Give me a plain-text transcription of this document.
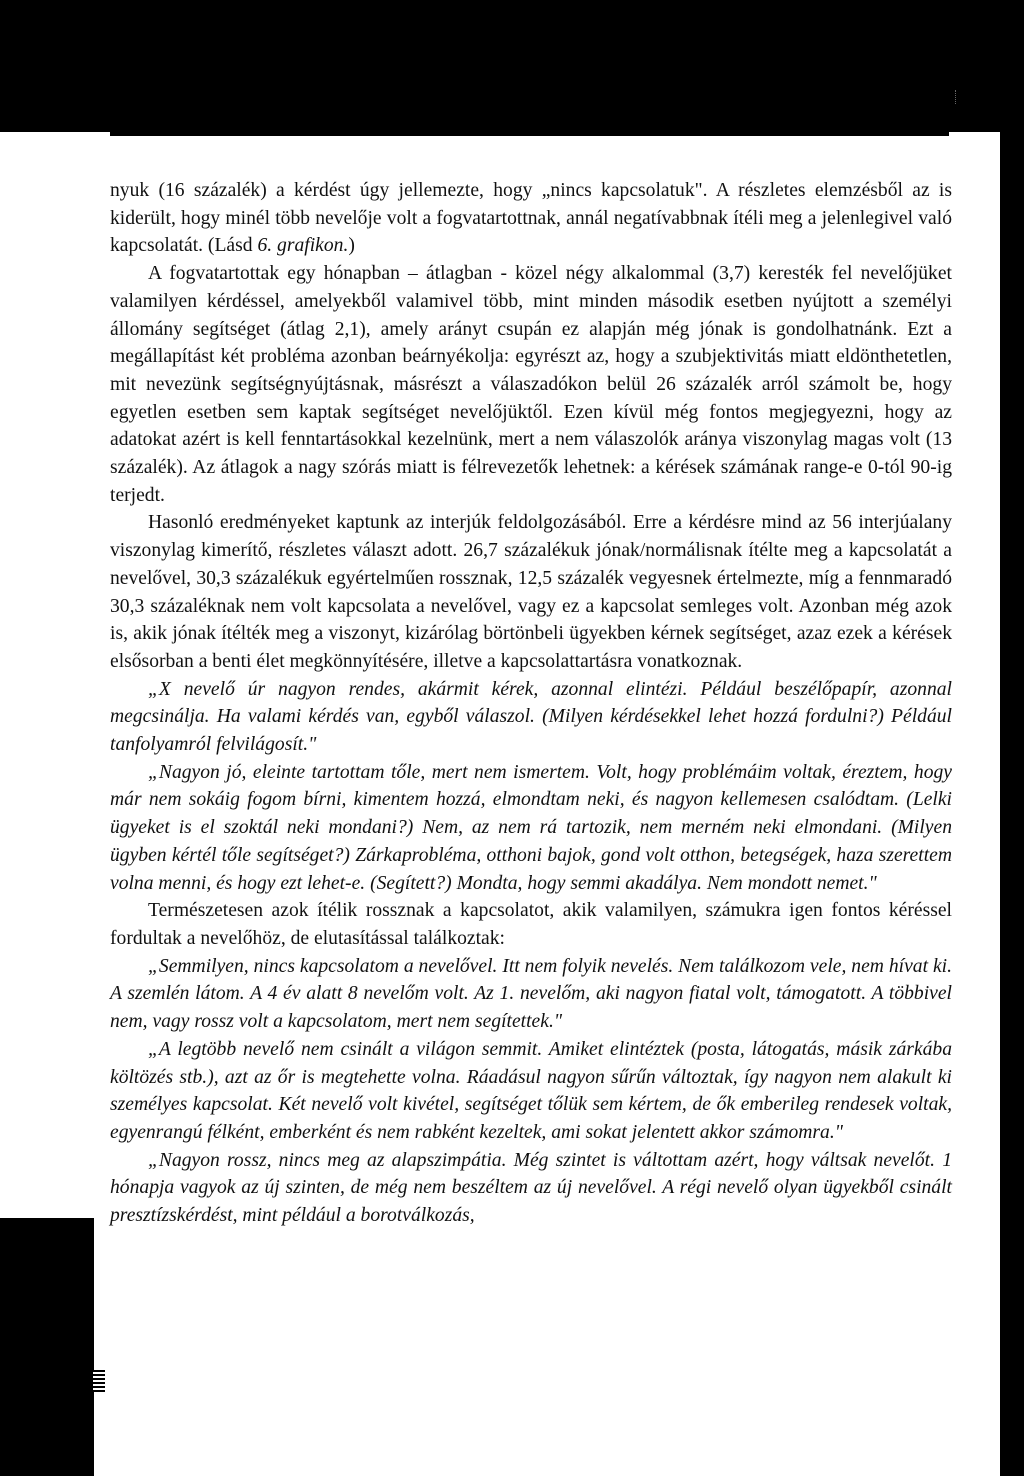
nyuk (16 százalék) a kérdést úgy jellemezte, hogy „nincs kapcsolatuk". A részletes elemzésből az is kiderült, hogy minél több nevelője volt a fogvatartottnak, annál negatívabbnak ítéli meg a jelenlegivel való kapcsolatát. (Lásd 6. grafikon.)

A fogvatartottak egy hónapban – átlagban - közel négy alkalommal (3,7) keresték fel nevelőjüket valamilyen kérdéssel, amelyekből valamivel több, mint minden második esetben nyújtott a személyi állomány segítséget (átlag 2,1), amely arányt csupán ez alapján még jónak is gondolhatnánk. Ezt a megállapítást két probléma azonban beárnyékolja: egyrészt az, hogy a szubjektivitás miatt eldönthetetlen, mit nevezünk segítségnyújtásnak, másrészt a válaszadókon belül 26 százalék arról számolt be, hogy egyetlen esetben sem kaptak segítséget nevelőjüktől. Ezen kívül még fontos megjegyezni, hogy az adatokat azért is kell fenntartásokkal kezelnünk, mert a nem válaszolók aránya viszonylag magas volt (13 százalék). Az átlagok a nagy szórás miatt is félrevezetők lehetnek: a kérések számának range-e 0-tól 90-ig terjedt.

Hasonló eredményeket kaptunk az interjúk feldolgozásából. Erre a kérdésre mind az 56 interjúalany viszonylag kimerítő, részletes választ adott. 26,7 százalékuk jónak/normálisnak ítélte meg a kapcsolatát a nevelővel, 30,3 százalékuk egyértelműen rossznak, 12,5 százalék vegyesnek értelmezte, míg a fennmaradó 30,3 százaléknak nem volt kapcsolata a nevelővel, vagy ez a kapcsolat semleges volt. Azonban még azok is, akik jónak ítélték meg a viszonyt, kizárólag börtönbeli ügyekben kérnek segítséget, azaz ezek a kérések elsősorban a benti élet megkönnyítésére, illetve a kapcsolattartásra vonatkoznak.

„X nevelő úr nagyon rendes, akármit kérek, azonnal elintézi. Például beszélőpapír, azonnal megcsinálja. Ha valami kérdés van, egyből válaszol. (Milyen kérdésekkel lehet hozzá fordulni?) Például tanfolyamról felvilágosít."

„Nagyon jó, eleinte tartottam tőle, mert nem ismertem. Volt, hogy problémáim voltak, éreztem, hogy már nem sokáig fogom bírni, kimentem hozzá, elmondtam neki, és nagyon kellemesen csalódtam. (Lelki ügyeket is el szoktál neki mondani?) Nem, az nem rá tartozik, nem merném neki elmondani. (Milyen ügyben kértél tőle segítséget?) Zárkaprobléma, otthoni bajok, gond volt otthon, betegségek, haza szerettem volna menni, és hogy ezt lehet-e. (Segített?) Mondta, hogy semmi akadálya. Nem mondott nemet."

Természetesen azok ítélik rossznak a kapcsolatot, akik valamilyen, számukra igen fontos kéréssel fordultak a nevelőhöz, de elutasítással találkoztak:

„Semmilyen, nincs kapcsolatom a nevelővel. Itt nem folyik nevelés. Nem találkozom vele, nem hívat ki. A szemlén látom. A 4 év alatt 8 nevelőm volt. Az 1. nevelőm, aki nagyon fiatal volt, támogatott. A többivel nem, vagy rossz volt a kapcsolatom, mert nem segítettek."

„A legtöbb nevelő nem csinált a világon semmit. Amiket elintéztek (posta, látogatás, másik zárkába költözés stb.), azt az őr is megtehette volna. Ráadásul nagyon sűrűn változtak, így nagyon nem alakult ki személyes kapcsolat. Két nevelő volt kivétel, segítséget tőlük sem kértem, de ők emberileg rendesek voltak, egyenrangú félként, emberként és nem rabként kezeltek, ami sokat jelentett akkor számomra."

„Nagyon rossz, nincs meg az alapszimpátia. Még szintet is váltottam azért, hogy váltsak nevelőt. 1 hónapja vagyok az új szinten, de még nem beszéltem az új nevelővel. A régi nevelő olyan ügyekből csinált presztízskérdést, mint például a borotválkozás,
